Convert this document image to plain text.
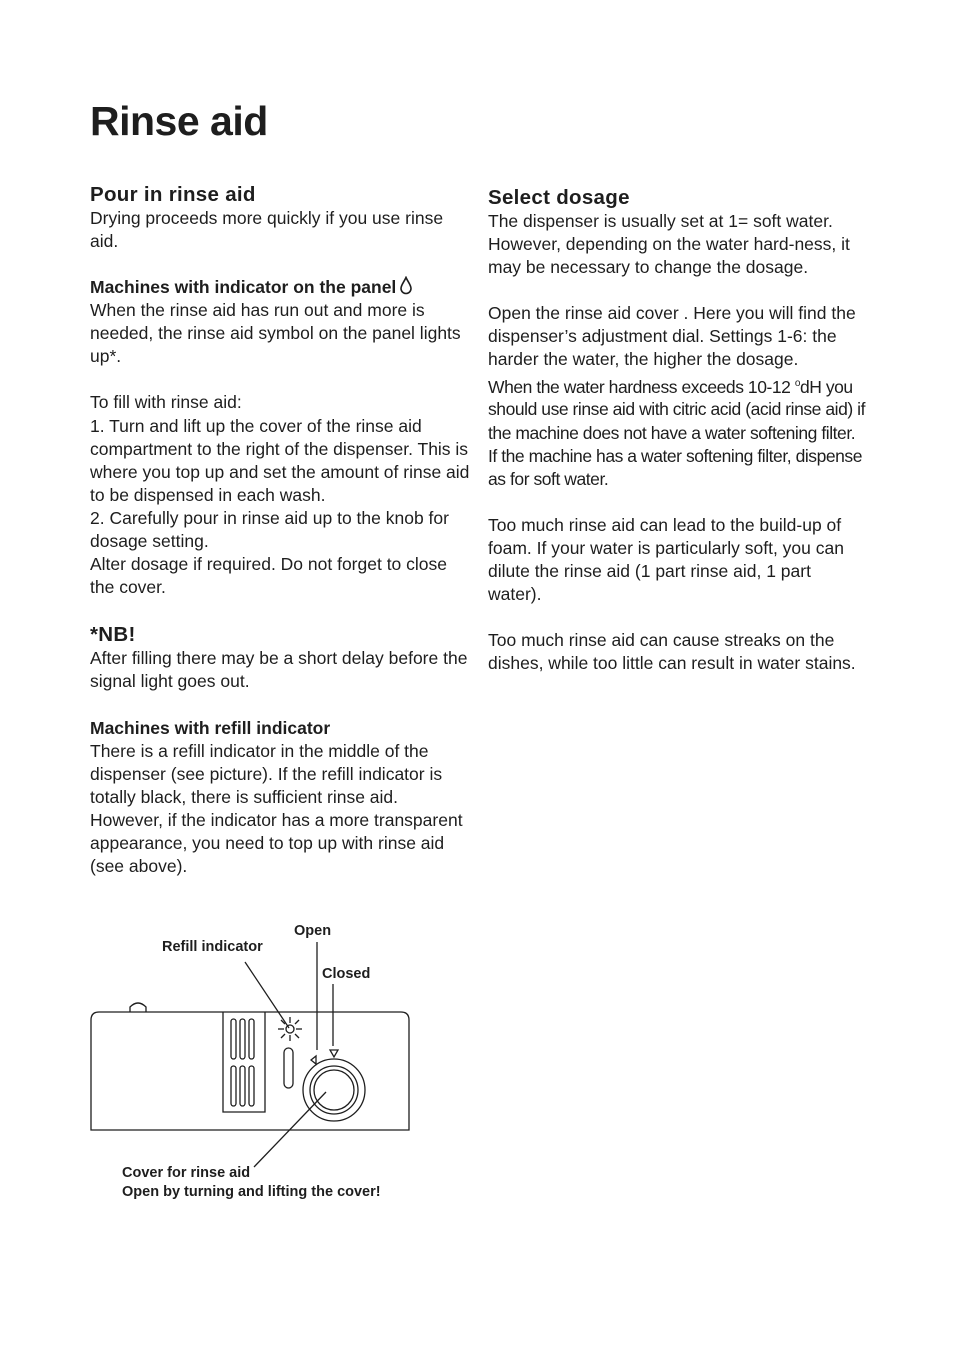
Rinse aid
Pour in rinse aid

Drying proceeds more quickly if you use rinse aid.

Machines with indicator on the panel

When the rinse aid has run out and more is needed, the rinse aid symbol on the panel lights up*.

To fill with rinse aid:

1. Turn and lift up the cover of the rinse aid compartment to the right of the dispenser. This is where you top up and set the amount of rinse aid to be dispensed in each wash.

2. Carefully pour in rinse aid up to the knob for dosage setting.

Alter dosage if required. Do not forget to close the cover.

*NB!

After filling there may be a short delay before the signal light goes out.

Machines with refill indicator

There is a refill indicator in the middle of the dispenser (see picture). If the refill indicator is totally black, there is sufficient rinse aid. However, if the indicator has a more transparent appearance, you need to top up with rinse aid (see above).

Select dosage

The dispenser is usually set at 1= soft water. However, depending on the water hard-ness, it may be necessary to change the dosage.

Open the rinse aid cover . Here you will find the dispenser’s adjustment dial. Settings 1-6: the harder the water, the higher the dosage.

When the water hardness exceeds 10-12 $^o$dH you should use rinse aid with citric acid (acid rinse aid) if the machine does not have a water softening filter. If the machine has a water softening filter, dispense as for soft water.

Too much rinse aid can lead to the build-up of foam. If your water is particularly soft, you can dilute the rinse aid (1 part rinse aid, 1 part water).

Too much rinse aid can cause streaks on the dishes, while too little can result in water stains.

Open
Refill indicator
Closed
Cover for rinse aid
Open by turning and lifting the cover!
